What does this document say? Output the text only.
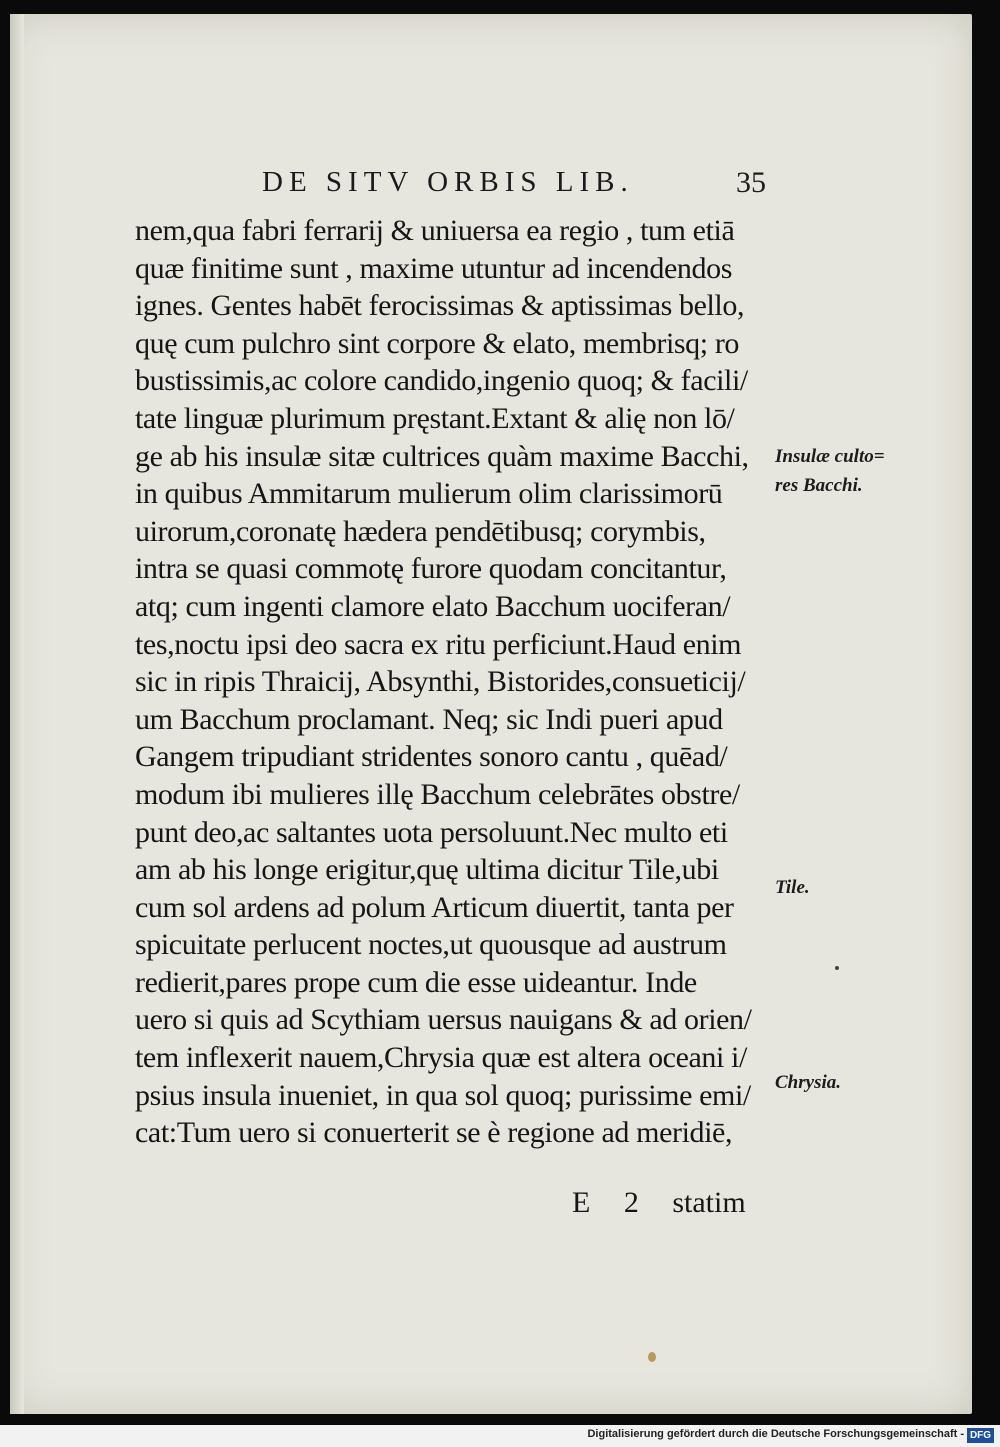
DE SITV ORBIS LIB.	35
nem,qua fabri ferrarij & uniuersa ea regio , tum etiā
quæ finitime sunt , maxime utuntur ad incendendos
ignes. Gentes habēt ferocissimas & aptissimas bello,
quę cum pulchro sint corpore & elato, membrisq; ro
bustissimis,ac colore candido,ingenio quoq; & facili/
tate linguæ plurimum pręstant.Extant & alię non lō/
ge ab his insulæ sitæ cultrices quàm maxime Bacchi,
in quibus Ammitarum mulierum olim clarissimorū
uirorum,coronatę hædera pendētibusq; corymbis,
intra se quasi commotę furore quodam concitantur,
atq; cum ingenti clamore elato Bacchum uociferan/
tes,noctu ipsi deo sacra ex ritu perficiunt.Haud enim
sic in ripis Thraicij, Absynthi, Bistorides,consueticij/
um Bacchum proclamant. Neq; sic Indi pueri apud
Gangem tripudiant stridentes sonoro cantu , quēad/
modum ibi mulieres illę Bacchum celebrātes obstre/
punt deo,ac saltantes uota persoluunt.Nec multo eti
am ab his longe erigitur,quę ultima dicitur Tile,ubi
cum sol ardens ad polum Articum diuertit, tanta per
spicuitate perlucent noctes,ut quousque ad austrum
redierit,pares prope cum die esse uideantur. Inde
uero si quis ad Scythiam uersus nauigans & ad orien/
tem inflexerit nauem,Chrysia quæ est altera oceani i/
psius insula inueniet, in qua sol quoq; purissime emi/
cat:Tum uero si conuerterit se è regione ad meridiē,
E 2 statim
Insulæ culto=
res Bacchi.
Tile.
Chrysia.
Digitalisierung gefördert durch die Deutsche Forschungsgemeinschaft - DFG
